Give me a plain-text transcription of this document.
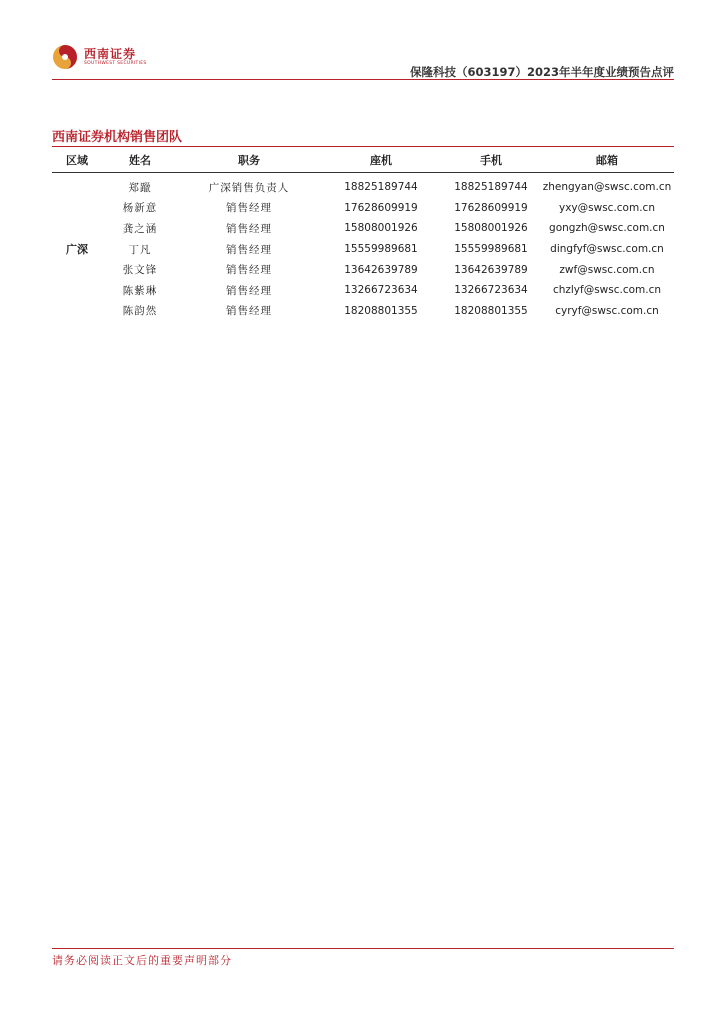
西南证券
SOUTHWEST SECURITIES
保隆科技（603197）2023年半年度业绩预告点评
西南证券机构销售团队
区域	姓名	职务	座机	手机	邮箱
广深	郑躐	广深销售负责人	18825189744	18825189744	zhengyan@swsc.com.cn
	杨新意	销售经理	17628609919	17628609919	yxy@swsc.com.cn
	龚之涵	销售经理	15808001926	15808001926	gongzh@swsc.com.cn
	丁凡	销售经理	15559989681	15559989681	dingfyf@swsc.com.cn
	张文锋	销售经理	13642639789	13642639789	zwf@swsc.com.cn
	陈紫琳	销售经理	13266723634	13266723634	chzlyf@swsc.com.cn
	陈韵然	销售经理	18208801355	18208801355	cyryf@swsc.com.cn
请务必阅读正文后的重要声明部分
